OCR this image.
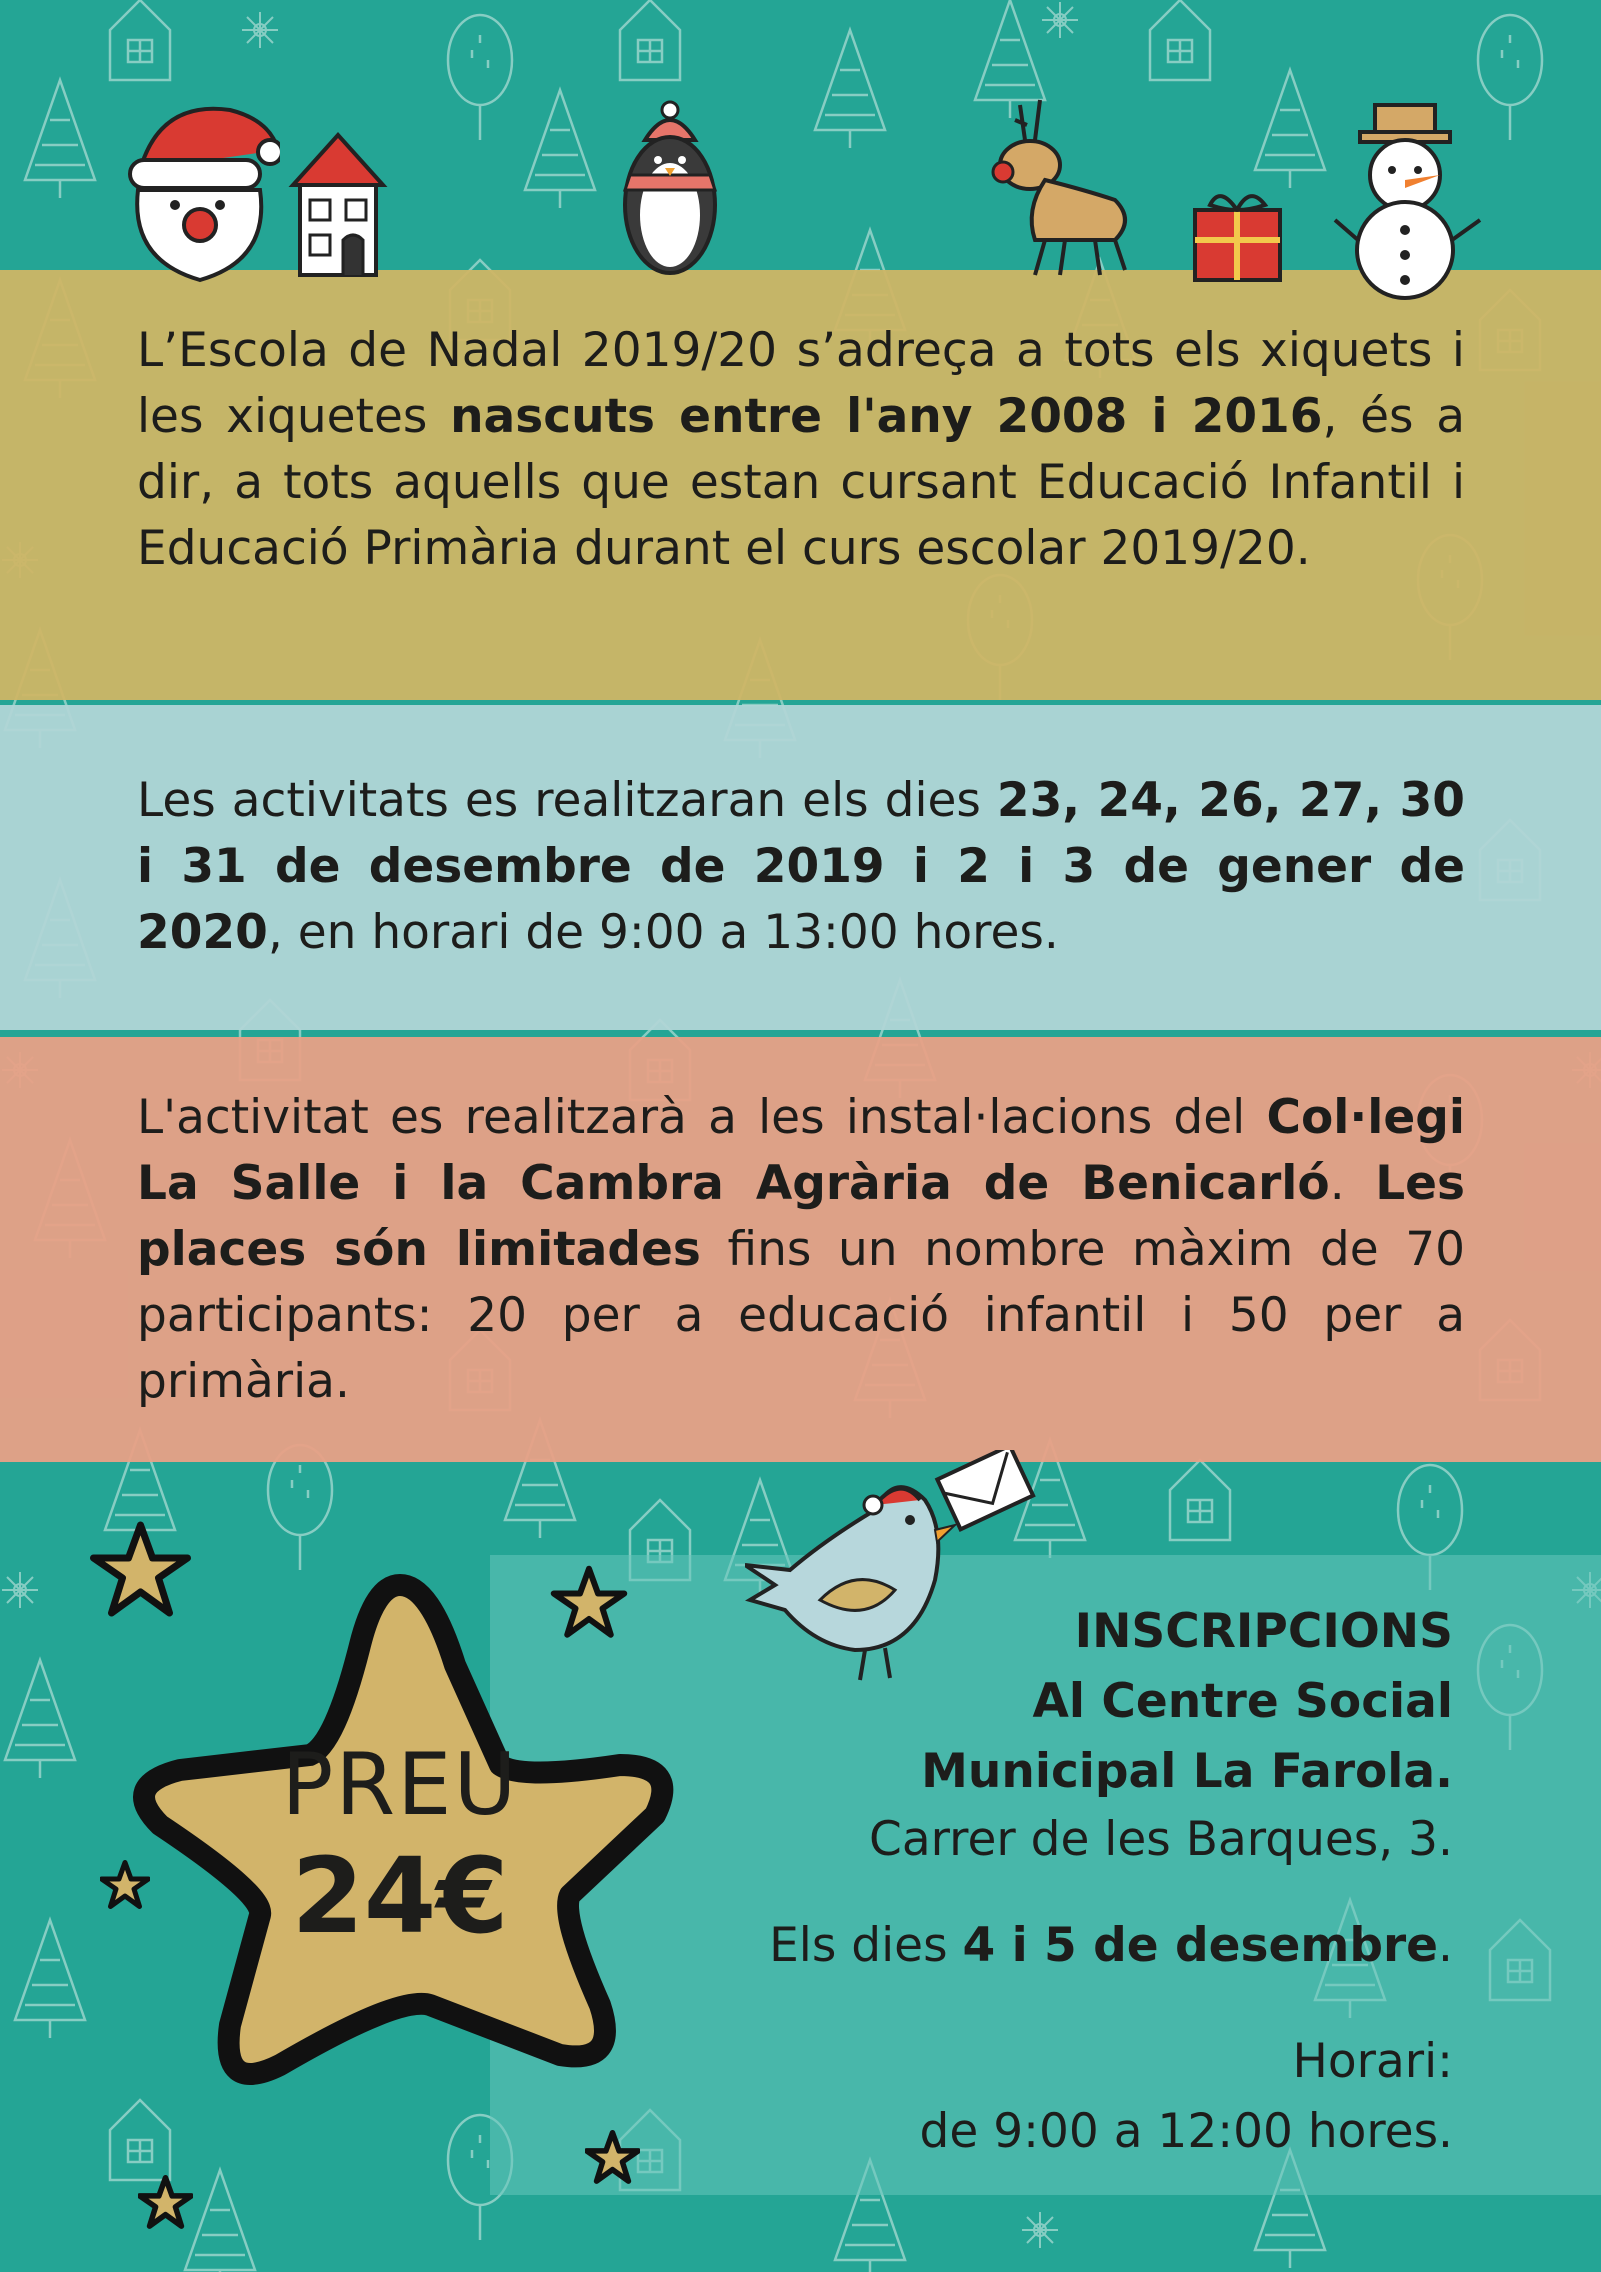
L’Escola de Nadal 2019/20 s’adreça a tots els xiquets i les xiquetes nascuts entre l'any 2008 i 2016, és a dir, a tots aquells que estan cursant Educació Infantil i Educació Primària durant el curs escolar 2019/20.

Les activitats es realitzaran els dies 23, 24, 26, 27, 30 i 31 de desembre de 2019 i 2 i 3 de gener de 2020, en horari de 9:00 a 13:00 hores.

L'activitat es realitzarà a les instal·lacions del Col·legi La Salle i la Cambra Agrària de Benicarló. Les places són limitades fins un nombre màxim de 70 participants: 20 per a educació infantil i 50 per a primària.

PREU
24€
INSCRIPCIONS
Al Centre Social
Municipal La Farola.
Carrer de les Barques, 3.
Els dies 4 i 5 de desembre.
Horari:
de 9:00 a 12:00 hores.
